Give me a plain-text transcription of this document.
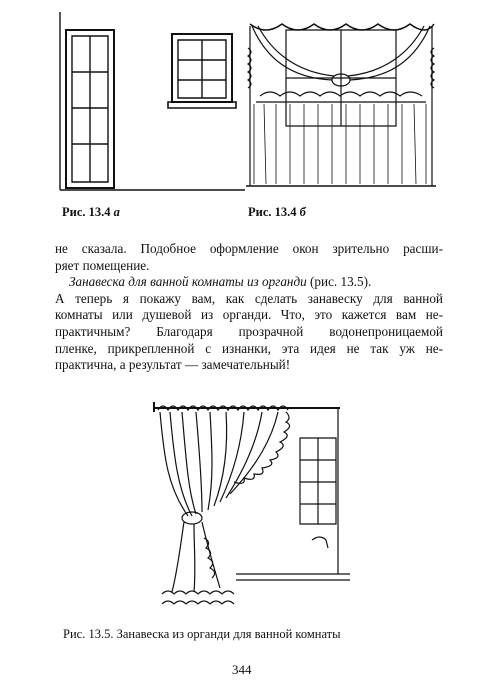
Рис. 13.4 а	Рис. 13.4 б
не сказала. Подобное оформление окон зрительно расши-
ряет помещение.
Занавеска для ванной комнаты из органди (рис. 13.5).
А теперь я покажу вам, как сделать занавеску для ванной
комнаты или душевой из органди. Что, это кажется вам не-
практичным? Благодаря прозрачной водонепроницаемой
пленке, прикрепленной с изнанки, эта идея не так уж не-
практична, а результат — замечательный!
Рис. 13.5. Занавеска из органди для ванной комнаты
344
